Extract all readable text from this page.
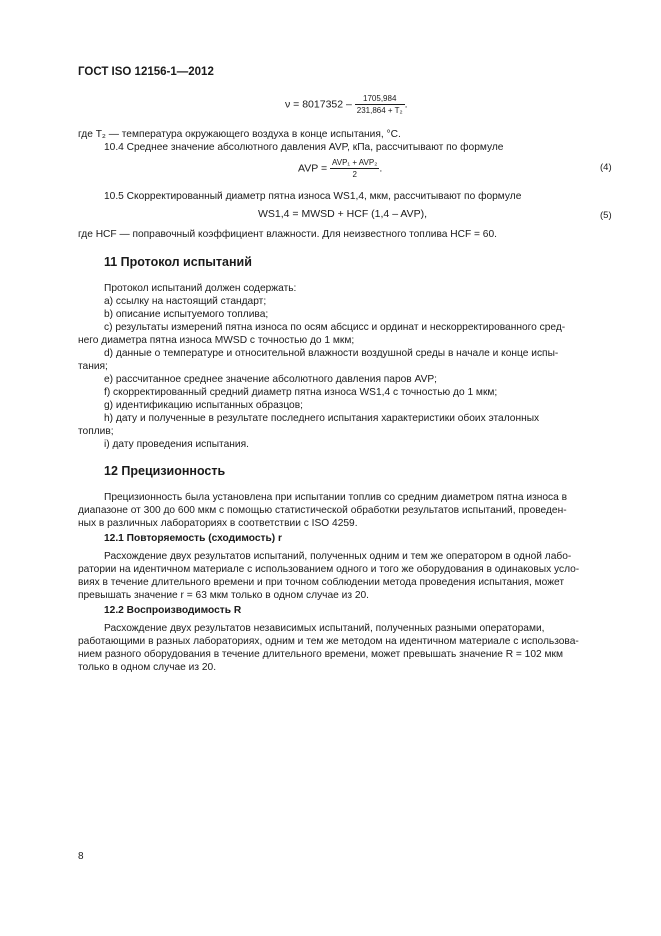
ГОСТ ISO 12156-1—2012
$\nu = 8017352 - \frac{1705,984}{\text{231,864 + T₂}}$ .
где T₂ — температура окружающего воздуха в конце испытания, °С.
10.4 Среднее значение абсолютного давления AVP, кПа, рассчитывают по формуле
AVP = $\frac{\text{AVP₁ + AVP₂}}{2}$ .	(4)
10.5 Скорректированный диаметр пятна износа WS1,4, мкм, рассчитывают по формуле
WS1,4 = MWSD + HCF (1,4 – AVP),	(5)
где HCF — поправочный коэффициент влажности. Для неизвестного топлива HCF = 60.
11 Протокол испытаний
Протокол испытаний должен содержать:
а) ссылку на настоящий стандарт;
b) описание испытуемого топлива;
с) результаты измерений пятна износа по осям абсцисс и ординат и нескорректированного сред-
него диаметра пятна износа MWSD с точностью до 1 мкм;
d) данные о температуре и относительной влажности воздушной среды в начале и конце испы-
тания;
е) рассчитанное среднее значение абсолютного давления паров AVP;
f) скорректированный средний диаметр пятна износа WS1,4 с точностью до 1 мкм;
g) идентификацию испытанных образцов;
h) дату и полученные в результате последнего испытания характеристики обоих эталонных
топлив;
i) дату проведения испытания.
12 Прецизионность
Прецизионность была установлена при испытании топлив со средним диаметром пятна износа в
диапазоне от 300 до 600 мкм с помощью статистической обработки результатов испытаний, проведен-
ных в различных лабораториях в соответствии с ISO 4259.
12.1 Повторяемость (сходимость) r
Расхождение двух результатов испытаний, полученных одним и тем же оператором в одной лабо-
ратории на идентичном материале с использованием одного и того же оборудования в одинаковых усло-
виях в течение длительного времени и при точном соблюдении метода проведения испытания, может
превышать значение r = 63 мкм только в одном случае из 20.
12.2 Воспроизводимость R
Расхождение двух результатов независимых испытаний, полученных разными операторами,
работающими в разных лабораториях, одним и тем же методом на идентичном материале с использова-
нием разного оборудования в течение длительного времени, может превышать значение R = 102 мкм
только в одном случае из 20.
8
